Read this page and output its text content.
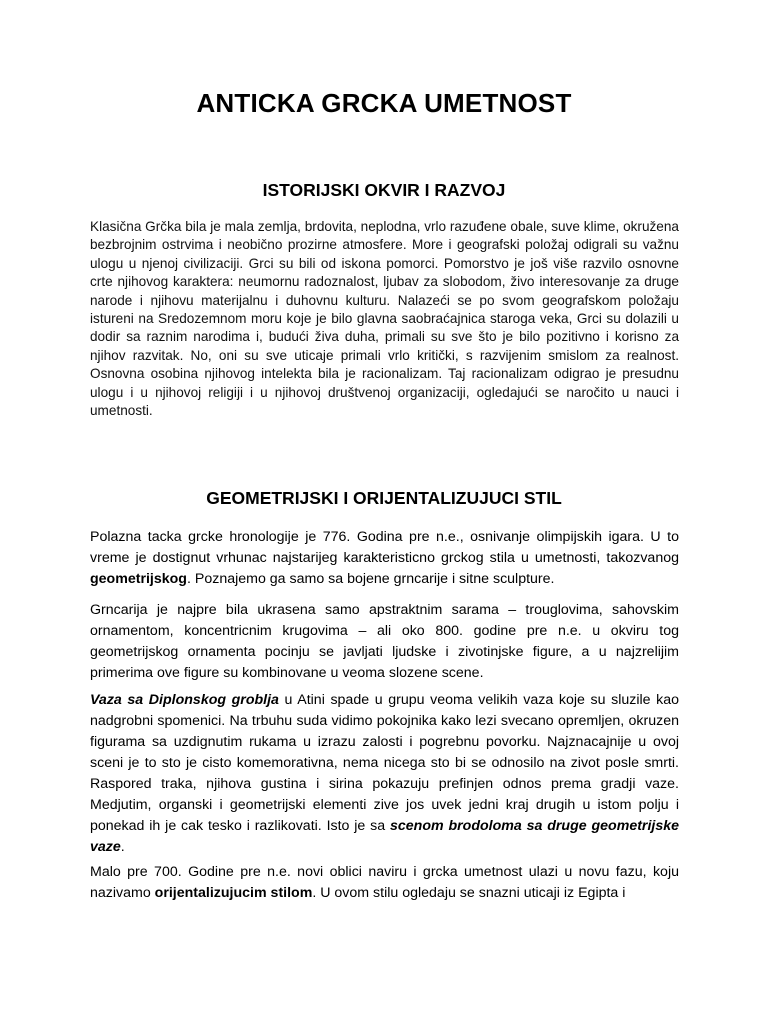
ANTICKA GRCKA UMETNOST
ISTORIJSKI OKVIR I RAZVOJ

Klasična Grčka bila je mala zemlja, brdovita, neplodna, vrlo razuđene obale, suve klime, okružena bezbrojnim ostrvima i neobično prozirne atmosfere. More i geografski položaj odigrali su važnu ulogu u njenoj civilizaciji. Grci su bili od iskona pomorci. Pomorstvo je još više razvilo osnovne crte njihovog karaktera: neumornu radoznalost, ljubav za slobodom, živo interesovanje za druge narode i njihovu materijalnu i duhovnu kulturu. Nalazeći se po svom geografskom položaju istureni na Sredozemnom moru koje je bilo glavna saobraćajnica staroga veka, Grci su dolazili u dodir sa raznim narodima i, budući živa duha, primali su sve što je bilo pozitivno i korisno za njihov razvitak. No, oni su sve uticaje primali vrlo kritički, s razvijenim smislom za realnost. Osnovna osobina njihovog intelekta bila je racionalizam. Taj racionalizam odigrao je presudnu ulogu i u njihovoj religiji i u njihovoj društvenoj organizaciji, ogledajući se naročito u nauci i umetnosti.

GEOMETRIJSKI I ORIJENTALIZUJUCI STIL

Polazna tacka grcke hronologije je 776. Godina pre n.e., osnivanje olimpijskih igara. U to vreme je dostignut vrhunac najstarijeg karakteristicno grckog stila u umetnosti, takozvanog geometrijskog. Poznajemo ga samo sa bojene grncarije i sitne sculpture.

Grncarija je najpre bila ukrasena samo apstraktnim sarama – trouglovima, sahovskim ornamentom, koncentricnim krugovima – ali oko 800. godine pre n.e. u okviru tog geometrijskog ornamenta pocinju se javljati ljudske i zivotinjske figure, a u najzrelijim primerima ove figure su kombinovane u veoma slozene scene.

Vaza sa Diplonskog groblja u Atini spade u grupu veoma velikih vaza koje su sluzile kao nadgrobni spomenici. Na trbuhu suda vidimo pokojnika kako lezi svecano opremljen, okruzen figurama sa uzdignutim rukama u izrazu zalosti i pogrebnu povorku. Najznacajnije u ovoj sceni je to sto je cisto komemorativna, nema nicega sto bi se odnosilo na zivot posle smrti. Raspored traka, njihova gustina i sirina pokazuju prefinjen odnos prema gradji vaze. Medjutim, organski i geometrijski elementi zive jos uvek jedni kraj drugih u istom polju i ponekad ih je cak tesko i razlikovati. Isto je sa scenom brodoloma sa druge geometrijske vaze.

Malo pre 700. Godine pre n.e. novi oblici naviru i grcka umetnost ulazi u novu fazu, koju nazivamo orijentalizujucim stilom. U ovom stilu ogledaju se snazni uticaji iz Egipta i
